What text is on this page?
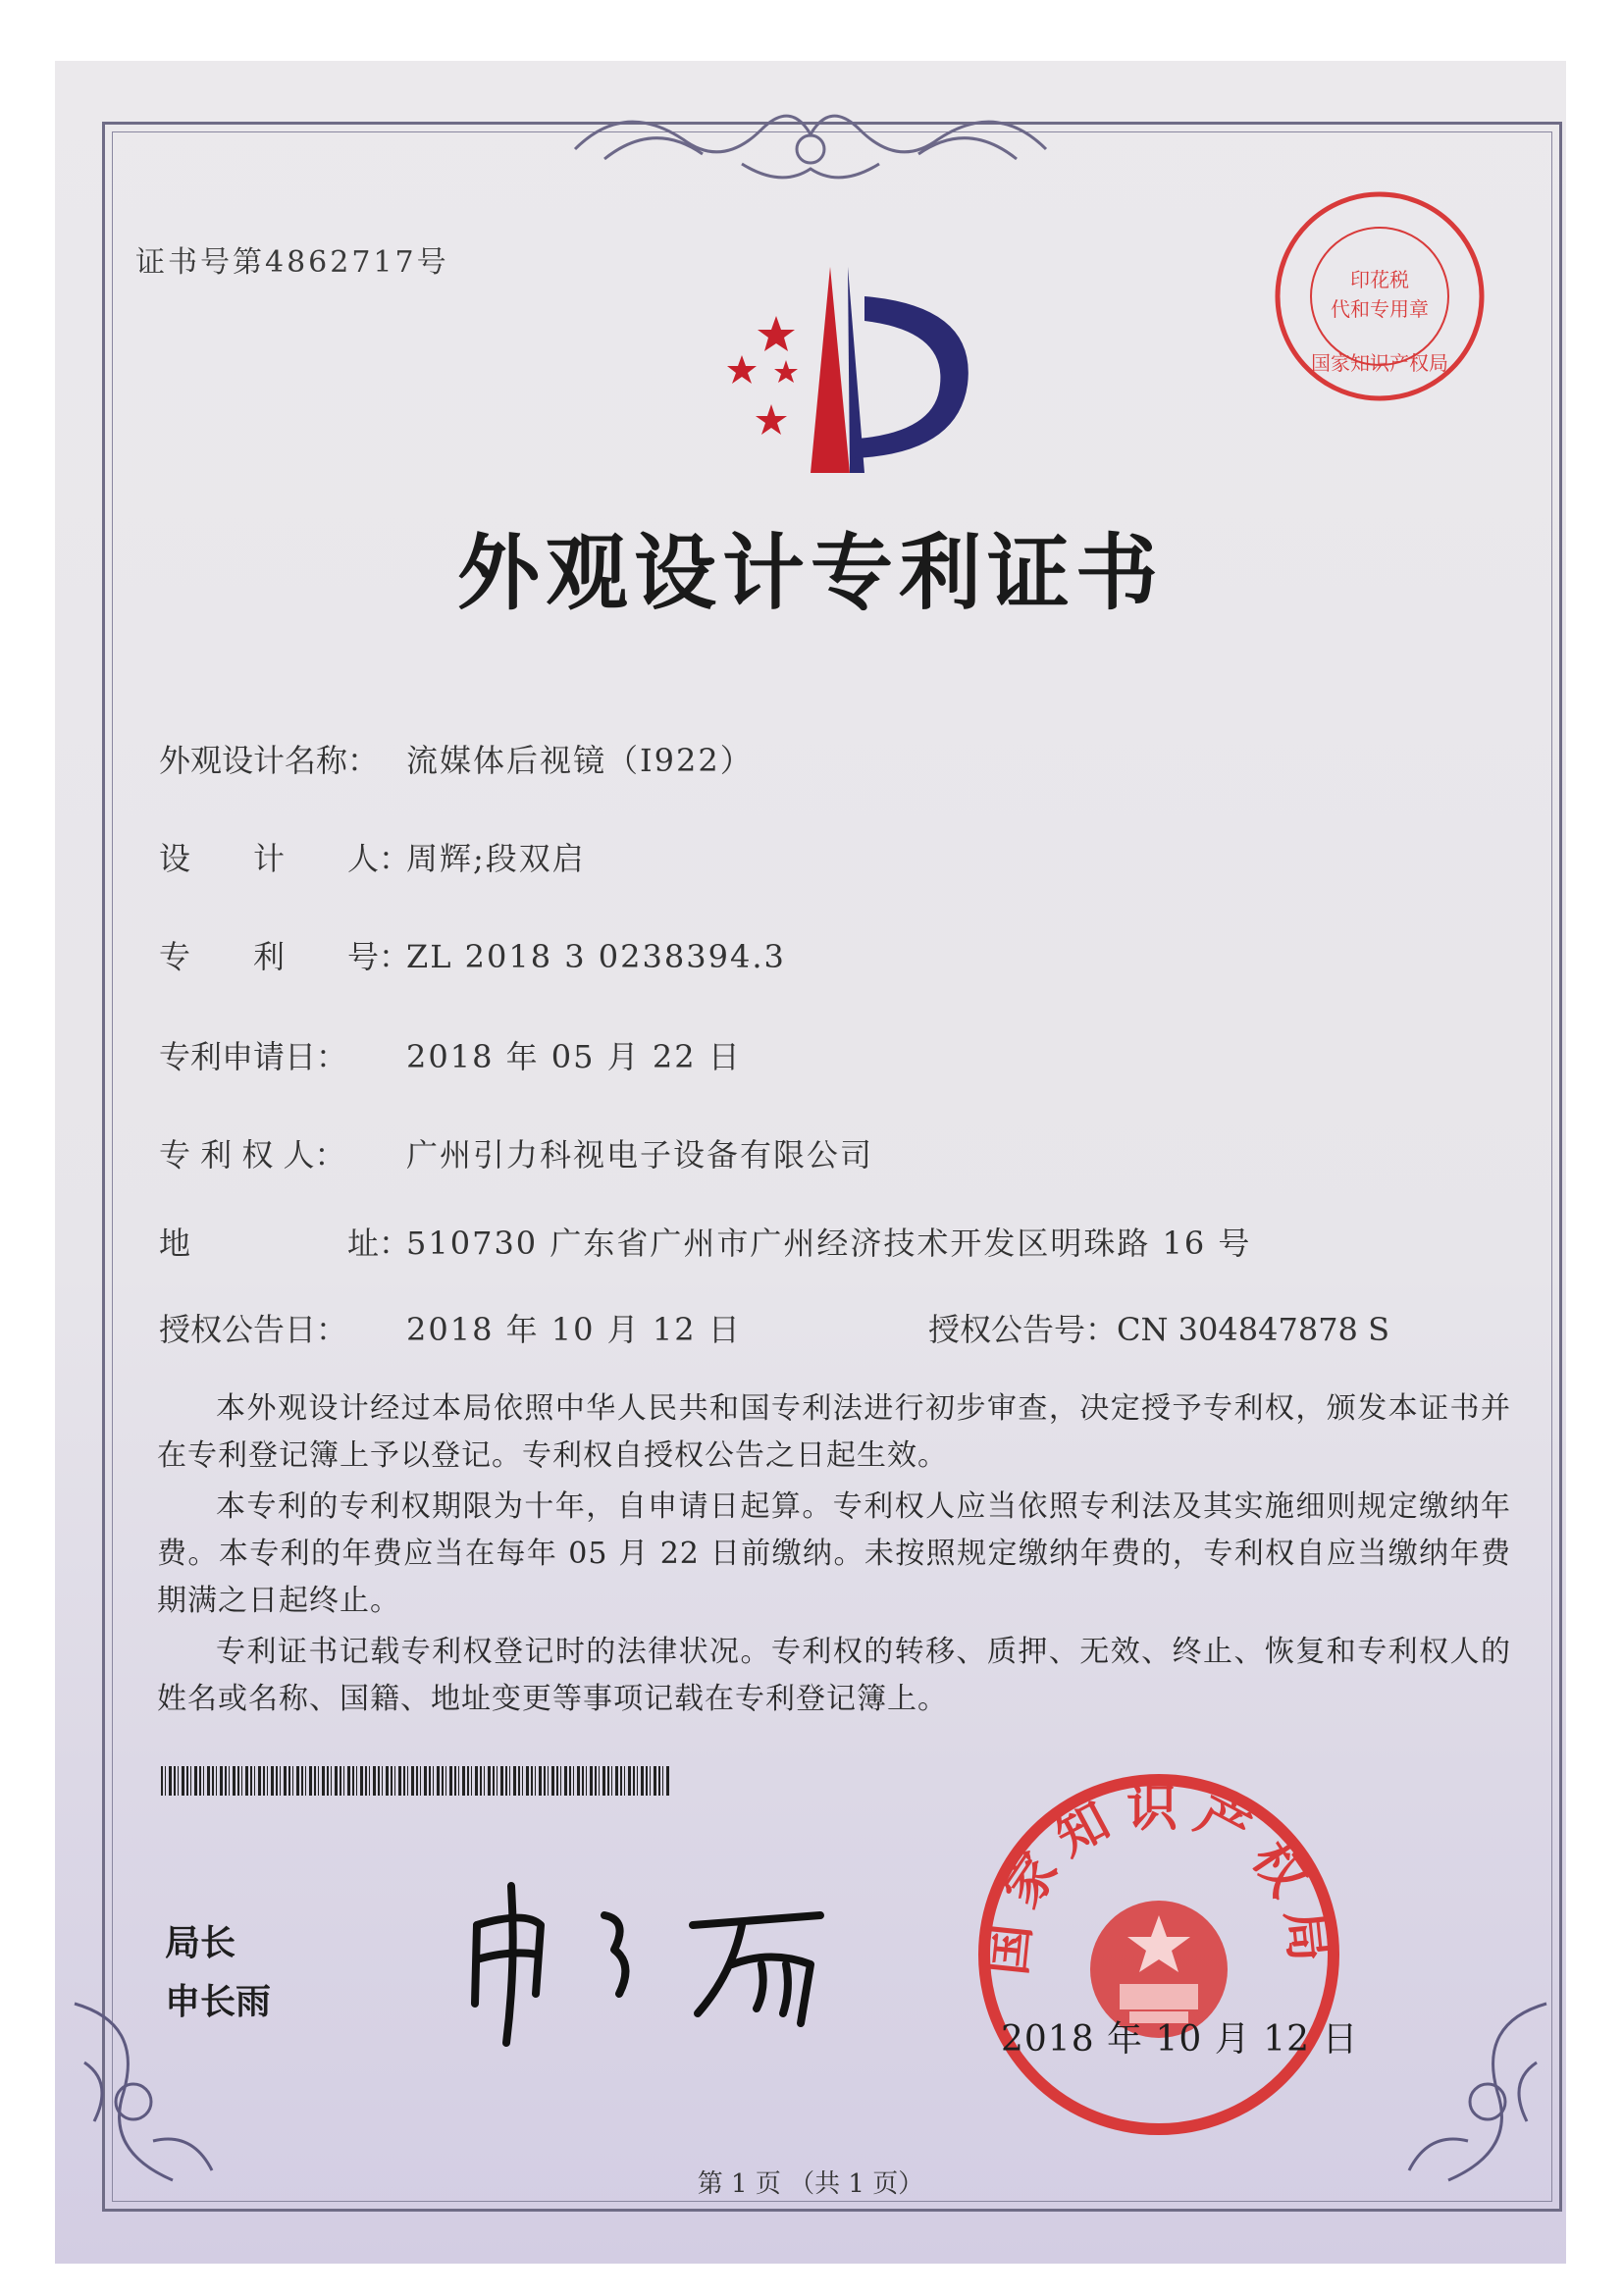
证书号第4862717号	印花税
代和专用章
国家知识产权局
外观设计专利证书
外观设计名称： 流媒体后视镜（I922）
设　　计　　人：周辉;段双启
专　　利　　号：ZL 2018 3 0238394.3
专利申请日： 2018 年 05 月 22 日
专 利 权 人： 广州引力科视电子设备有限公司
地　　　　　址：510730 广东省广州市广州经济技术开发区明珠路 16 号
授权公告日： 2018 年 10 月 12 日	授权公告号：CN 304847878 S
本外观设计经过本局依照中华人民共和国专利法进行初步审查，决定授予专利权，颁发本证书并在专利登记簿上予以登记。专利权自授权公告之日起生效。
本专利的专利权期限为十年，自申请日起算。专利权人应当依照专利法及其实施细则规定缴纳年费。本专利的年费应当在每年 05 月 22 日前缴纳。未按照规定缴纳年费的，专利权自应当缴纳年费期满之日起终止。
专利证书记载专利权登记时的法律状况。专利权的转移、质押、无效、终止、恢复和专利权人的姓名或名称、国籍、地址变更等事项记载在专利登记簿上。
局长
申长雨
国家知识产权局
2018 年 10 月 12 日
第 1 页 （共 1 页）
